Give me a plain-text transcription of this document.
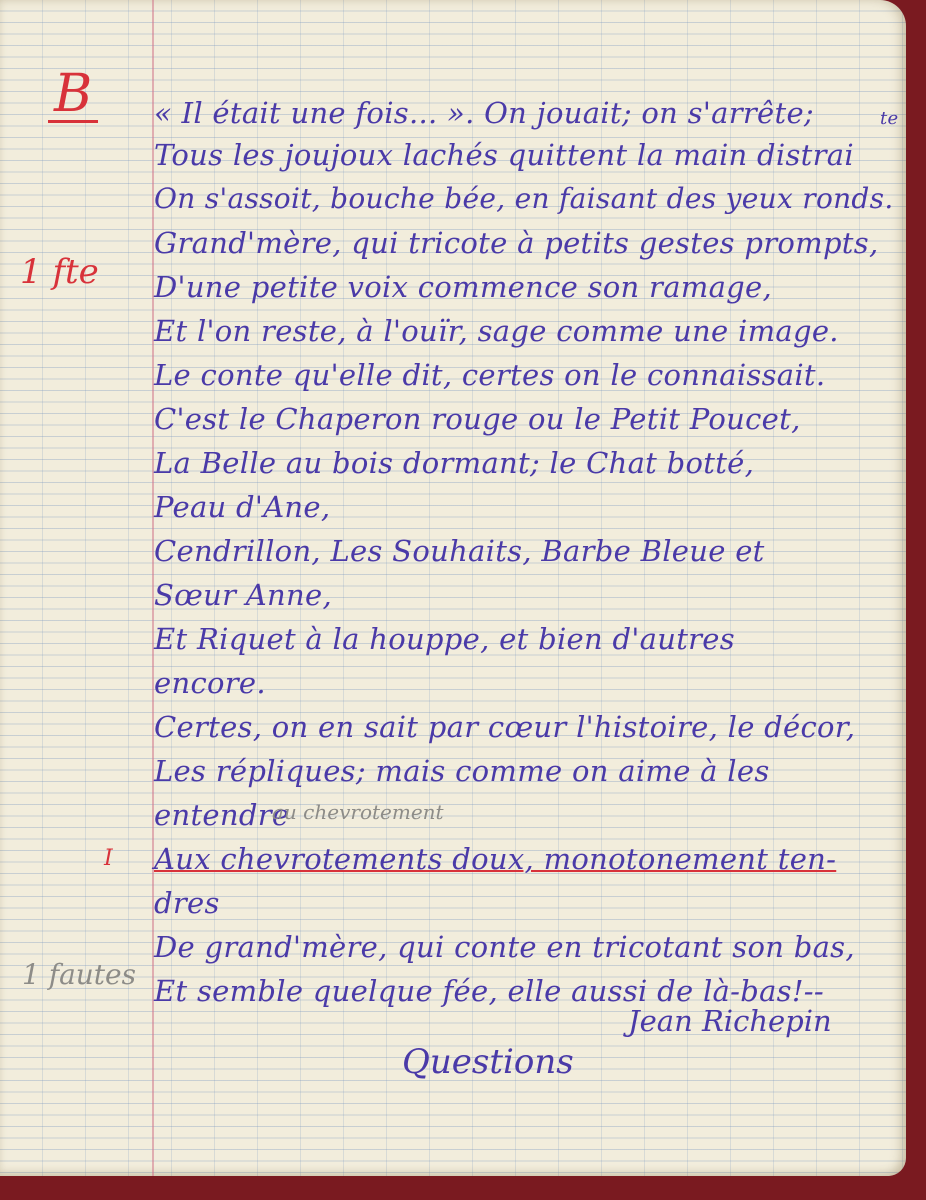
B
1 fte
I
1 fautes
te
« Il était une fois... ». On jouait; on s'arrête;
Tous les joujoux lachés quittent la main distrai
On s'assoit, bouche bée, en faisant des yeux ronds.
Grand'mère, qui tricote à petits gestes prompts,
D'une petite voix commence son ramage,
Et l'on reste, à l'ouïr, sage comme une image.
Le conte qu'elle dit, certes on le connaissait.
C'est le Chaperon rouge ou le Petit Poucet,
La Belle au bois dormant; le Chat botté,
Peau d'Ane,
Cendrillon, Les Souhaits, Barbe Bleue et
Sœur Anne,
Et Riquet à la houppe, et bien d'autres
encore.
Certes, on en sait par cœur l'histoire, le décor,
Les répliques; mais comme on aime à les
entendre
Aux chevrotements doux, monotonement ten-
dres
De grand'mère, qui conte en tricotant son bas,
Et semble quelque fée, elle aussi de là-bas!--
au chevrotement
Jean Richepin
Questions
